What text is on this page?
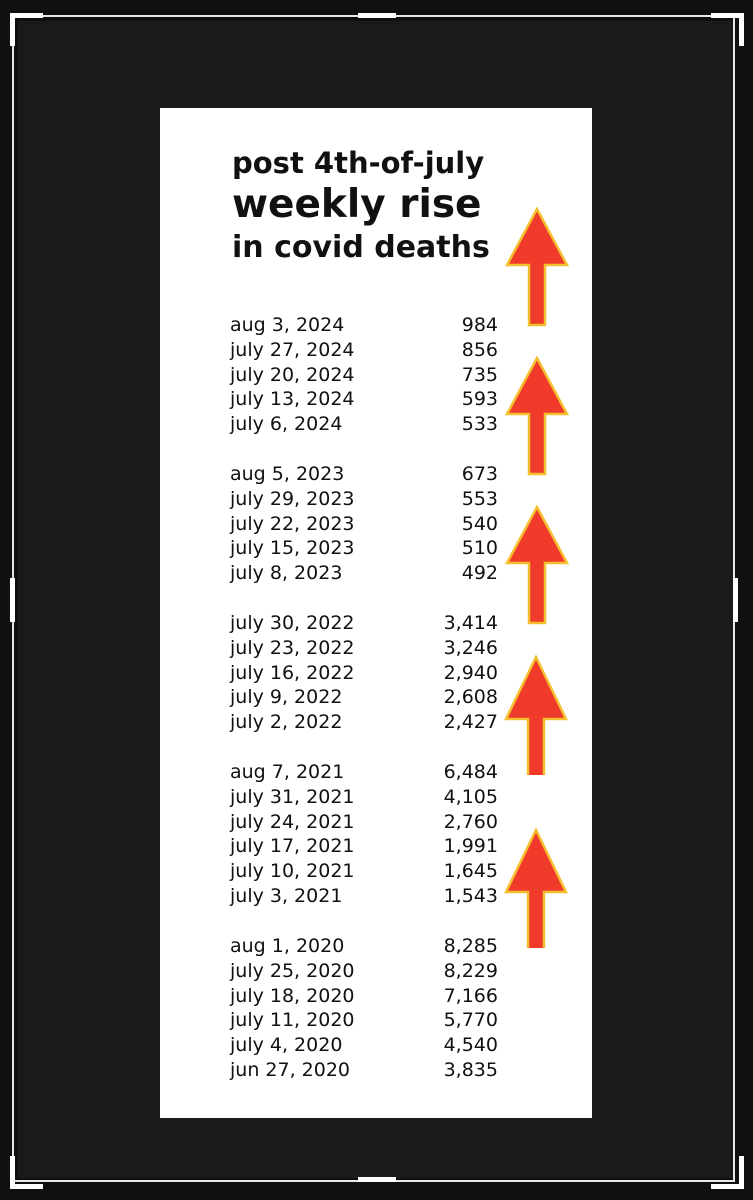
post 4th-of-july
weekly rise
in covid deaths
aug 3, 2024	984
july 27, 2024	856
july 20, 2024	735
july 13, 2024	593
july 6, 2024	533
aug 5, 2023	673
july 29, 2023	553
july 22, 2023	540
july 15, 2023	510
july 8, 2023	492
july 30, 2022	3,414
july 23, 2022	3,246
july 16, 2022	2,940
july 9, 2022	2,608
july 2, 2022	2,427
aug 7, 2021	6,484
july 31, 2021	4,105
july 24, 2021	2,760
july 17, 2021	1,991
july 10, 2021	1,645
july 3, 2021	1,543
aug 1, 2020	8,285
july 25, 2020	8,229
july 18, 2020	7,166
july 11, 2020	5,770
july 4, 2020	4,540
jun 27, 2020	3,835
